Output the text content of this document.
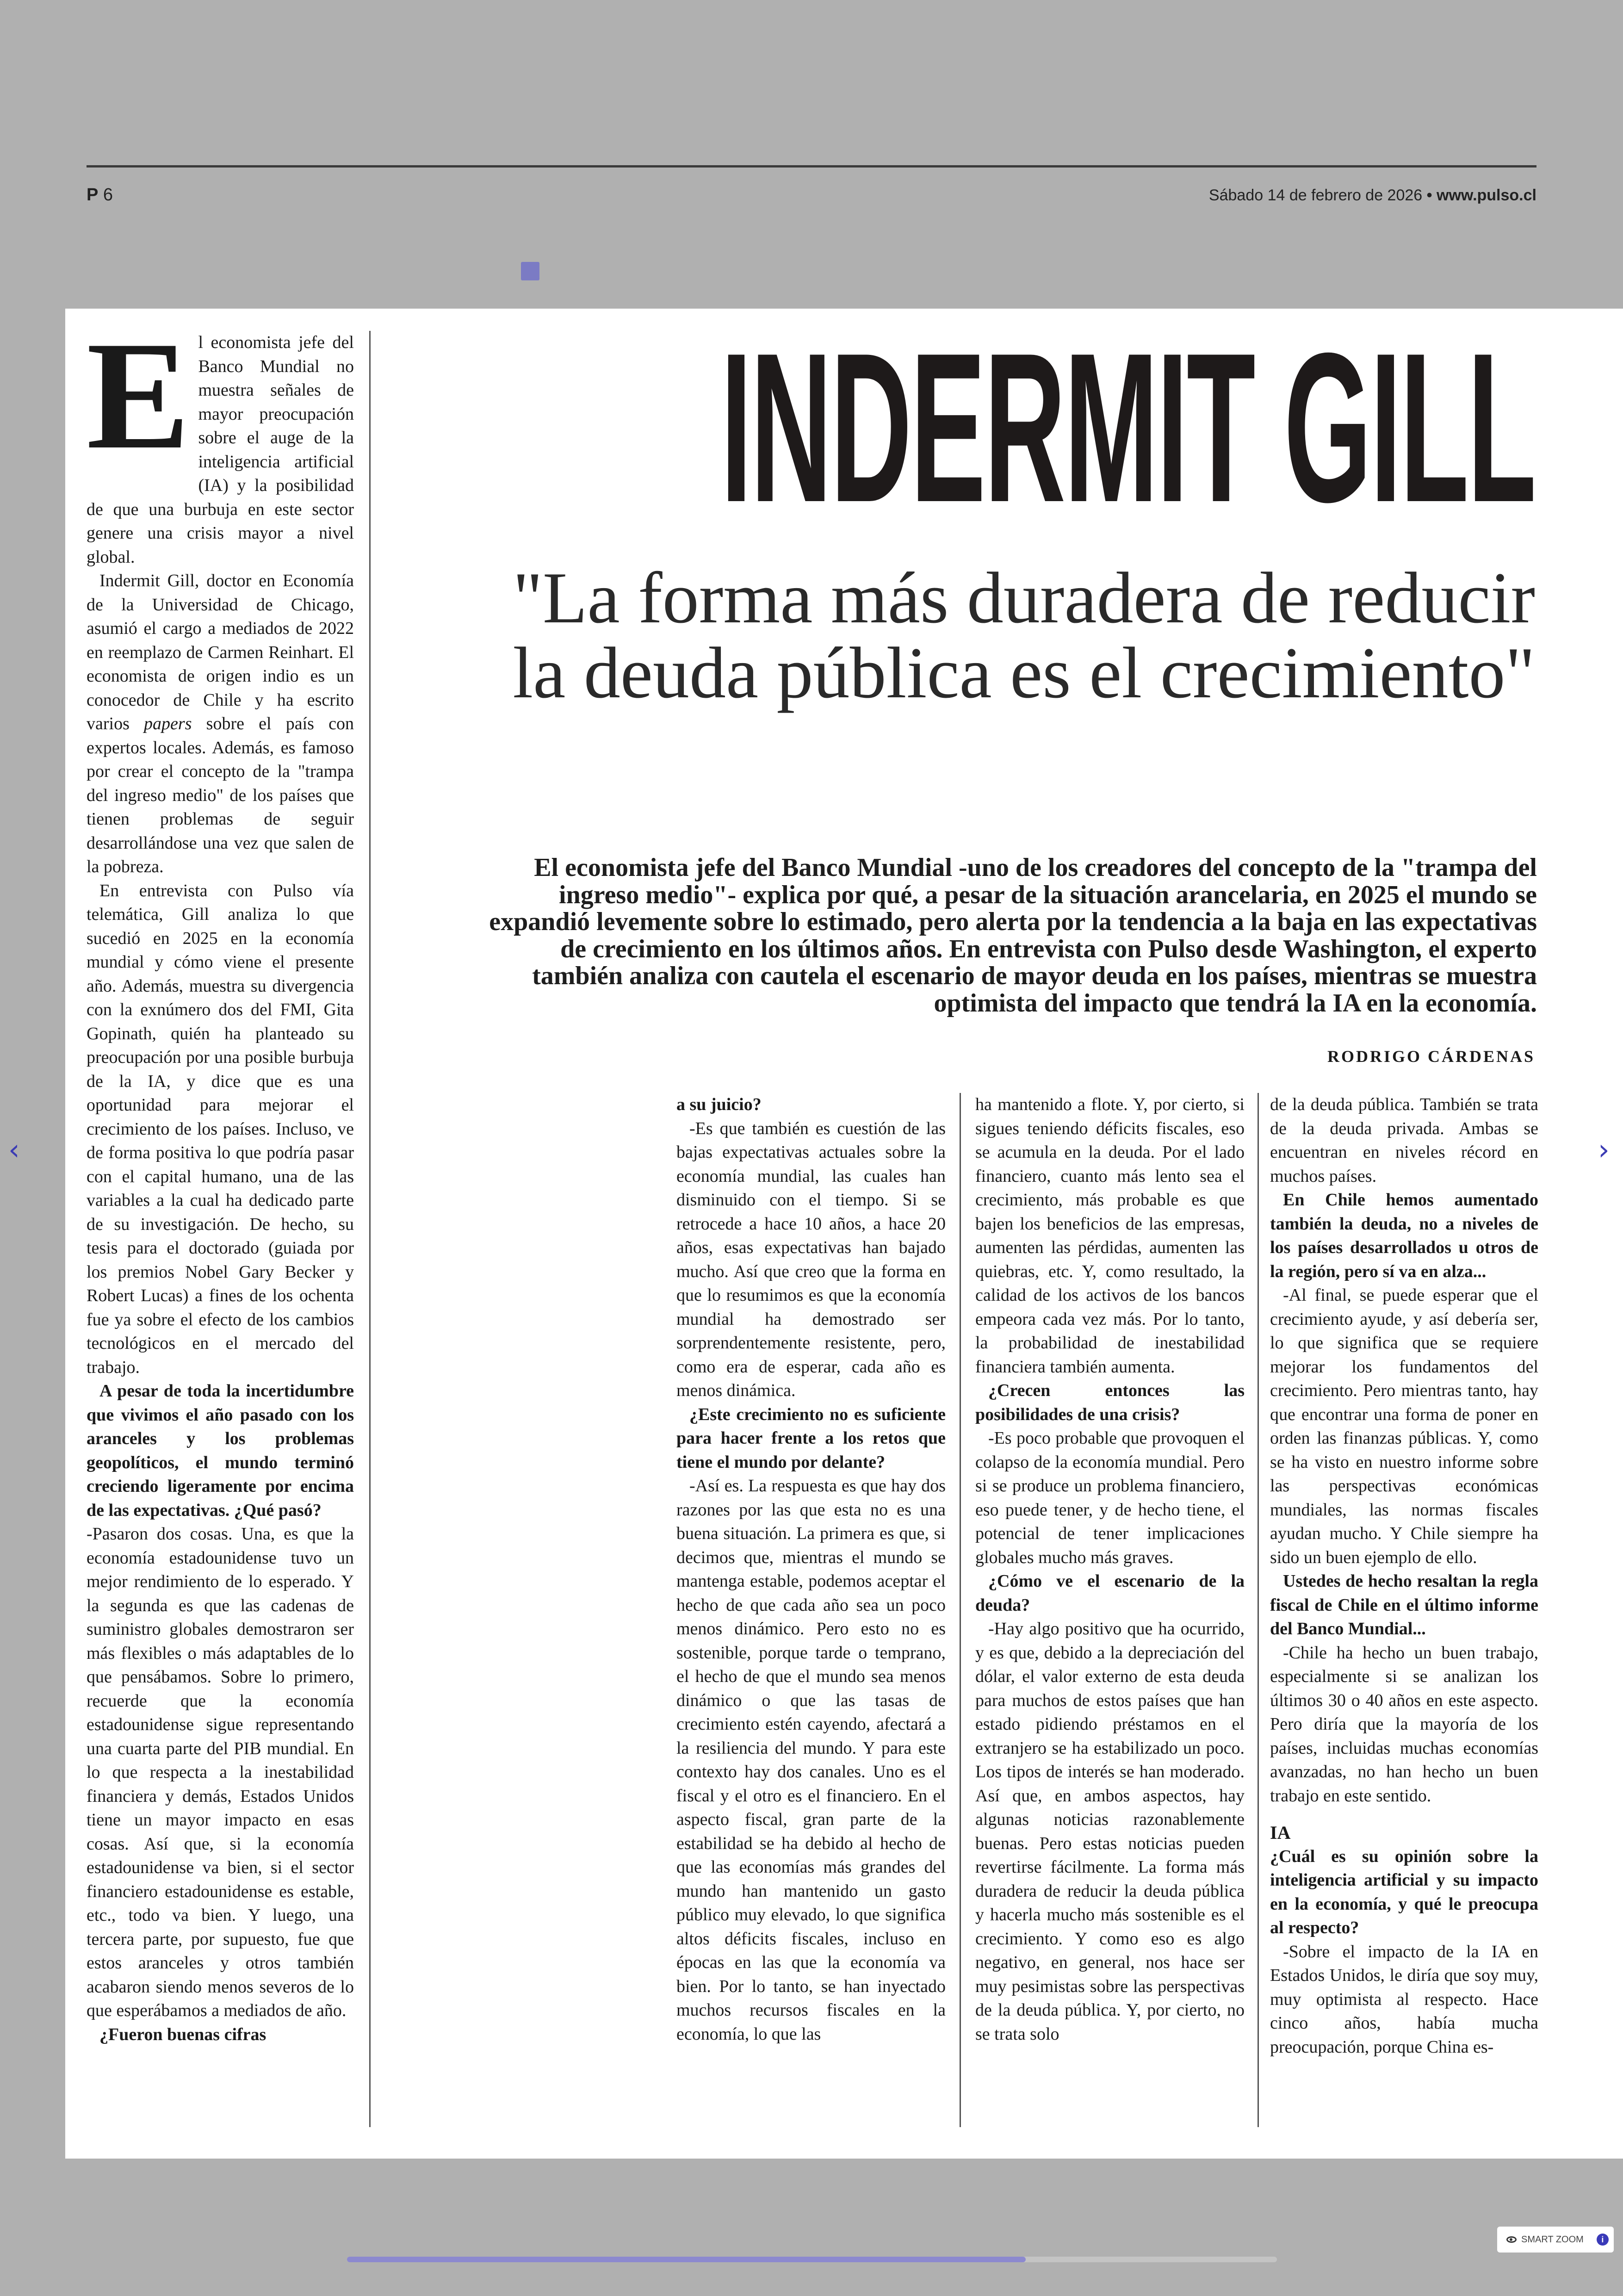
P 6	Sábado 14 de febrero de 2026 • www.pulso.cl
E l economista jefe del Banco Mundial no muestra señales de mayor preocupación sobre el auge de la inteligencia artificial (IA) y la posibilidad de que una burbuja en este sector genere una crisis mayor a nivel global.

Indermit Gill, doctor en Economía de la Universidad de Chicago, asumió el cargo a mediados de 2022 en reemplazo de Carmen Reinhart. El economista de origen indio es un conocedor de Chile y ha escrito varios papers sobre el país con expertos locales. Además, es famoso por crear el concepto de la "trampa del ingreso medio" de los países que tienen problemas de seguir desarrollándose una vez que salen de la pobreza.

En entrevista con Pulso vía telemática, Gill analiza lo que sucedió en 2025 en la economía mundial y cómo viene el presente año. Además, muestra su divergencia con la exnúmero dos del FMI, Gita Gopinath, quién ha planteado su preocupación por una posible burbuja de la IA, y dice que es una oportunidad para mejorar el crecimiento de los países. Incluso, ve de forma positiva lo que podría pasar con el capital humano, una de las variables a la cual ha dedicado parte de su investigación. De hecho, su tesis para el doctorado (guiada por los premios Nobel Gary Becker y Robert Lucas) a fines de los ochenta fue ya sobre el efecto de los cambios tecnológicos en el mercado del trabajo.

A pesar de toda la incertidumbre que vivimos el año pasado con los aranceles y los problemas geopolíticos, el mundo terminó creciendo ligeramente por encima de las expectativas. ¿Qué pasó?

-Pasaron dos cosas. Una, es que la economía estadounidense tuvo un mejor rendimiento de lo esperado. Y la segunda es que las cadenas de suministro globales demostraron ser más flexibles o más adaptables de lo que pensábamos. Sobre lo primero, recuerde que la economía estadounidense sigue representando una cuarta parte del PIB mundial. En lo que respecta a la inestabilidad financiera y demás, Estados Unidos tiene un mayor impacto en esas cosas. Así que, si la economía estadounidense va bien, si el sector financiero estadounidense es estable, etc., todo va bien. Y luego, una tercera parte, por supuesto, fue que estos aranceles y otros también acabaron siendo menos severos de lo que esperábamos a mediados de año.

¿Fueron buenas cifras

INDERMIT GILL
"La forma más duradera de reducir la deuda pública es el crecimiento"
El economista jefe del Banco Mundial -uno de los creadores del concepto de la "trampa del ingreso medio"- explica por qué, a pesar de la situación arancelaria, en 2025 el mundo se expandió levemente sobre lo estimado, pero alerta por la tendencia a la baja en las expectativas de crecimiento en los últimos años. En entrevista con Pulso desde Washington, el experto también analiza con cautela el escenario de mayor deuda en los países, mientras se muestra optimista del impacto que tendrá la IA en la economía.
RODRIGO CÁRDENAS

a su juicio?

-Es que también es cuestión de las bajas expectativas actuales sobre la economía mundial, las cuales han disminuido con el tiempo. Si se retrocede a hace 10 años, a hace 20 años, esas expectativas han bajado mucho. Así que creo que la forma en que lo resumimos es que la economía mundial ha demostrado ser sorprendentemente resistente, pero, como era de esperar, cada año es menos dinámica.

¿Este crecimiento no es suficiente para hacer frente a los retos que tiene el mundo por delante?

-Así es. La respuesta es que hay dos razones por las que esta no es una buena situación. La primera es que, si decimos que, mientras el mundo se mantenga estable, podemos aceptar el hecho de que cada año sea un poco menos dinámico. Pero esto no es sostenible, porque tarde o temprano, el hecho de que el mundo sea menos dinámico o que las tasas de crecimiento estén cayendo, afectará a la resiliencia del mundo. Y para este contexto hay dos canales. Uno es el fiscal y el otro es el financiero. En el aspecto fiscal, gran parte de la estabilidad se ha debido al hecho de que las economías más grandes del mundo han mantenido un gasto público muy elevado, lo que significa altos déficits fiscales, incluso en épocas en las que la economía va bien. Por lo tanto, se han inyectado muchos recursos fiscales en la economía, lo que las

ha mantenido a flote. Y, por cierto, si sigues teniendo déficits fiscales, eso se acumula en la deuda. Por el lado financiero, cuanto más lento sea el crecimiento, más probable es que bajen los beneficios de las empresas, aumenten las pérdidas, aumenten las quiebras, etc. Y, como resultado, la calidad de los activos de los bancos empeora cada vez más. Por lo tanto, la probabilidad de inestabilidad financiera también aumenta.

¿Crecen entonces las posibilidades de una crisis?

-Es poco probable que provoquen el colapso de la economía mundial. Pero si se produce un problema financiero, eso puede tener, y de hecho tiene, el potencial de tener implicaciones globales mucho más graves.

¿Cómo ve el escenario de la deuda?

-Hay algo positivo que ha ocurrido, y es que, debido a la depreciación del dólar, el valor externo de esta deuda para muchos de estos países que han estado pidiendo préstamos en el extranjero se ha estabilizado un poco. Los tipos de interés se han moderado. Así que, en ambos aspectos, hay algunas noticias razonablemente buenas. Pero estas noticias pueden revertirse fácilmente. La forma más duradera de reducir la deuda pública y hacerla mucho más sostenible es el crecimiento. Y como eso es algo negativo, en general, nos hace ser muy pesimistas sobre las perspectivas de la deuda pública. Y, por cierto, no se trata solo

de la deuda pública. También se trata de la deuda privada. Ambas se encuentran en niveles récord en muchos países.

En Chile hemos aumentado también la deuda, no a niveles de los países desarrollados u otros de la región, pero sí va en alza...

-Al final, se puede esperar que el crecimiento ayude, y así debería ser, lo que significa que se requiere mejorar los fundamentos del crecimiento. Pero mientras tanto, hay que encontrar una forma de poner en orden las finanzas públicas. Y, como se ha visto en nuestro informe sobre las perspectivas económicas mundiales, las normas fiscales ayudan mucho. Y Chile siempre ha sido un buen ejemplo de ello.

Ustedes de hecho resaltan la regla fiscal de Chile en el último informe del Banco Mundial...

-Chile ha hecho un buen trabajo, especialmente si se analizan los últimos 30 o 40 años en este aspecto. Pero diría que la mayoría de los países, incluidas muchas economías avanzadas, no han hecho un buen trabajo en este sentido.

IA

¿Cuál es su opinión sobre la inteligencia artificial y su impacto en la economía, y qué le preocupa al respecto?

-Sobre el impacto de la IA en Estados Unidos, le diría que soy muy, muy optimista al respecto. Hace cinco años, había mucha preocupación, porque China es-

‹	›
SMART ZOOM	i
